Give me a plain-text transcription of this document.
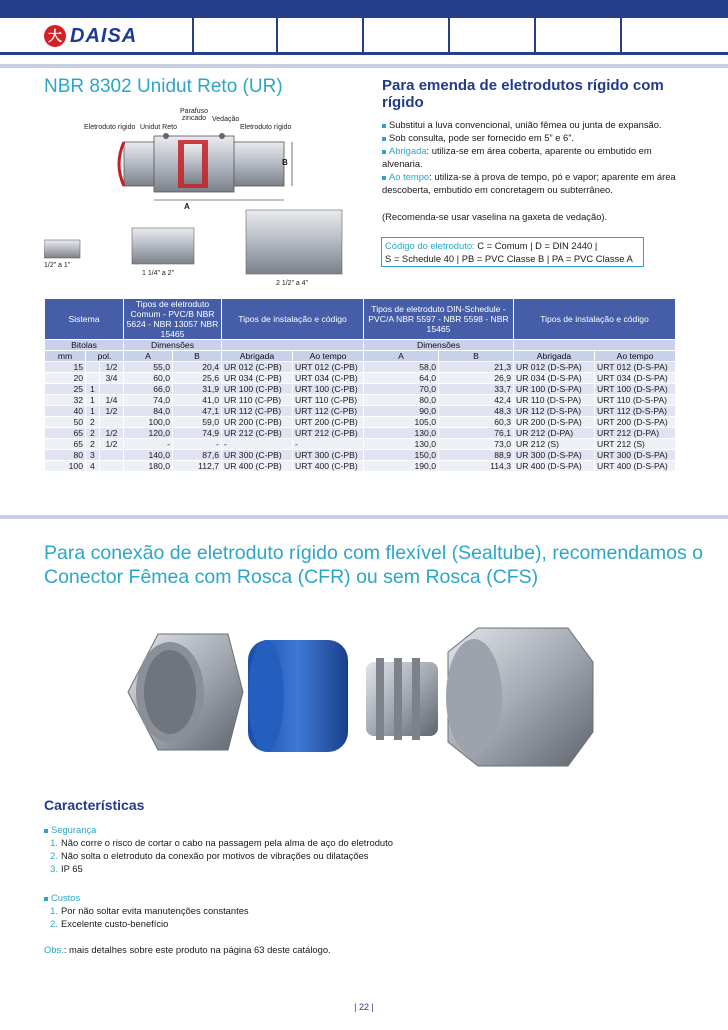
大 DAISA
NBR 8302 Unidut Reto (UR)	Para emenda de eletrodutos rígido com rígido
Substitui a luva convencional, união fêmea ou junta de expansão.
Sob consulta, pode ser fornecido em 5” e 6”.
Abrigada: utiliza-se em área coberta, aparente ou embutido em alvenaria.
Ao tempo: utiliza-se à prova de tempo, pó e vapor; aparente em área descoberta, embutido em concretagem ou subterrâneo.
(Recomenda-se usar vaselina na gaxeta de vedação).
Código do eletroduto: C = Comum | D = DIN 2440 |
S = Schedule 40 | PB = PVC Classe B | PA = PVC Classe A
Eletroduto rígido Unidut Reto
Parafuso zincado Vedação
Eletroduto rígido
A
B
1/2” a 1”
1 1/4” a 2”
2 1/2” a 4”
Sistema			Tipos de eletroduto Comum - PVC/B NBR 5624 - NBR 13057 NBR 15465		Tipos de instalação e código		Tipos de eletroduto DIN-Schedule - PVC/A NBR 5597 - NBR 5598 - NBR 15465		Tipos de instalação e código	

Bitolas			Dimensões				Dimensões			
mm	pol.		A	B	Abrigada	Ao tempo	A	B	Abrigada	Ao tempo
15		1/2	55,0	20,4	UR 012 (C-PB)	URT 012 (C-PB)	58,0	21,3	UR 012 (D-S-PA)	URT 012 (D-S-PA)
20		3/4	60,0	25,6	UR 034 (C-PB)	URT 034 (C-PB)	64,0	26,9	UR 034 (D-S-PA)	URT 034 (D-S-PA)
25	1		66,0	31,9	UR 100 (C-PB)	URT 100 (C-PB)	70,0	33,7	UR 100 (D-S-PA)	URT 100 (D-S-PA)
32	1	1/4	74,0	41,0	UR 110 (C-PB)	URT 110 (C-PB)	80,0	42,4	UR 110 (D-S-PA)	URT 110 (D-S-PA)
40	1	1/2	84,0	47,1	UR 112 (C-PB)	URT 112 (C-PB)	90,0	48,3	UR 112 (D-S-PA)	URT 112 (D-S-PA)
50	2		100,0	59,0	UR 200 (C-PB)	URT 200 (C-PB)	105,0	60,3	UR 200 (D-S-PA)	URT 200 (D-S-PA)
65	2	1/2	120,0	74,9	UR 212 (C-PB)	URT 212 (C-PB)	130,0	76,1	UR 212 (D-PA)	URT 212 (D-PA)
65	2	1/2	-	-	-	-	130,0	73,0	UR 212 (S)	URT 212 (S)
80	3		140,0	87,6	UR 300 (C-PB)	URT 300 (C-PB)	150,0	88,9	UR 300 (D-S-PA)	URT 300 (D-S-PA)
100	4		180,0	112,7	UR 400 (C-PB)	URT 400 (C-PB)	190,0	114,3	UR 400 (D-S-PA)	URT 400 (D-S-PA)
Para conexão de eletroduto rígido com flexível (Sealtube), recomendamos o Conector Fêmea com Rosca (CFR) ou sem Rosca (CFS)
Características
Segurança
1. Não corre o risco de cortar o cabo na passagem pela alma de aço do eletroduto
2. Não solta o eletroduto da conexão por motivos de vibrações ou dilatações
3. IP 65
Custos
1. Por não soltar evita manutenções constantes
2. Excelente custo-benefício
Obs.: mais detalhes sobre este produto na página 63 deste catálogo.
| 22 |
